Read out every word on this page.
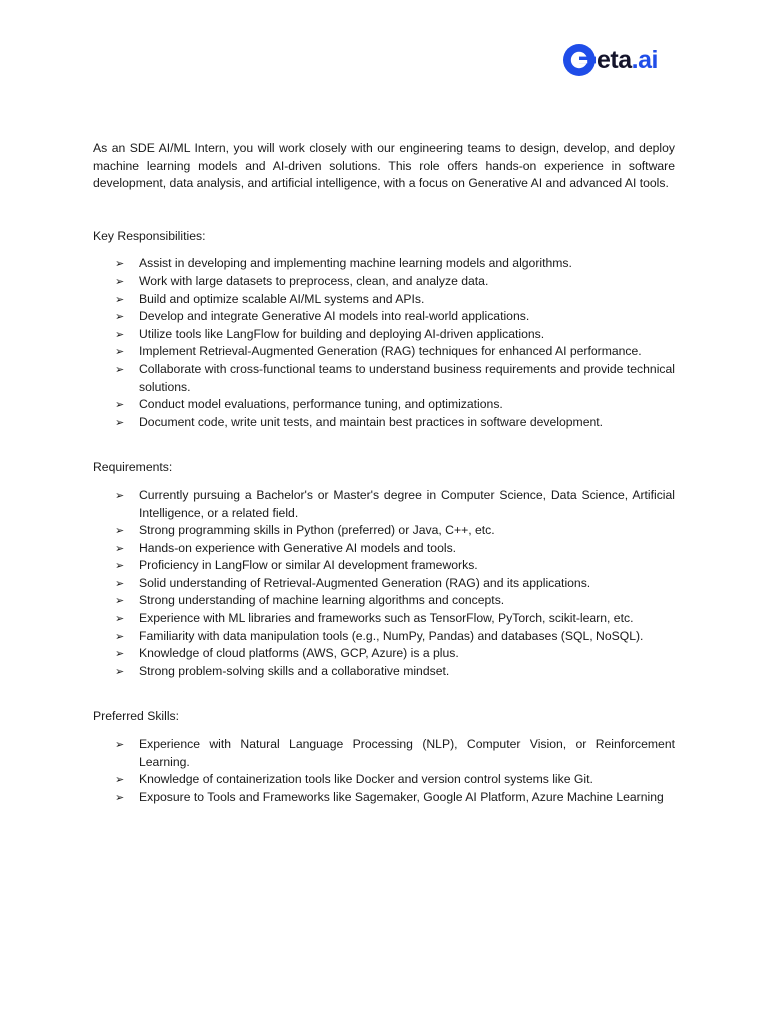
eta.ai

As an SDE AI/ML Intern, you will work closely with our engineering teams to design, develop, and deploy machine learning models and AI-driven solutions. This role offers hands-on experience in software development, data analysis, and artificial intelligence, with a focus on Generative AI and advanced AI tools.

Key Responsibilities:

➢ Assist in developing and implementing machine learning models and algorithms.
➢ Work with large datasets to preprocess, clean, and analyze data.
➢ Build and optimize scalable AI/ML systems and APIs.
➢ Develop and integrate Generative AI models into real-world applications.
➢ Utilize tools like LangFlow for building and deploying AI-driven applications.
➢ Implement Retrieval-Augmented Generation (RAG) techniques for enhanced AI performance.
➢ Collaborate with cross-functional teams to understand business requirements and provide technical solutions.
➢ Conduct model evaluations, performance tuning, and optimizations.
➢ Document code, write unit tests, and maintain best practices in software development.

Requirements:

➢ Currently pursuing a Bachelor's or Master's degree in Computer Science, Data Science, Artificial Intelligence, or a related field.
➢ Strong programming skills in Python (preferred) or Java, C++, etc.
➢ Hands-on experience with Generative AI models and tools.
➢ Proficiency in LangFlow or similar AI development frameworks.
➢ Solid understanding of Retrieval-Augmented Generation (RAG) and its applications.
➢ Strong understanding of machine learning algorithms and concepts.
➢ Experience with ML libraries and frameworks such as TensorFlow, PyTorch, scikit-learn, etc.
➢ Familiarity with data manipulation tools (e.g., NumPy, Pandas) and databases (SQL, NoSQL).
➢ Knowledge of cloud platforms (AWS, GCP, Azure) is a plus.
➢ Strong problem-solving skills and a collaborative mindset.

Preferred Skills:

➢ Experience with Natural Language Processing (NLP), Computer Vision, or Reinforcement Learning.
➢ Knowledge of containerization tools like Docker and version control systems like Git.
➢ Exposure to Tools and Frameworks like Sagemaker, Google AI Platform, Azure Machine Learning
